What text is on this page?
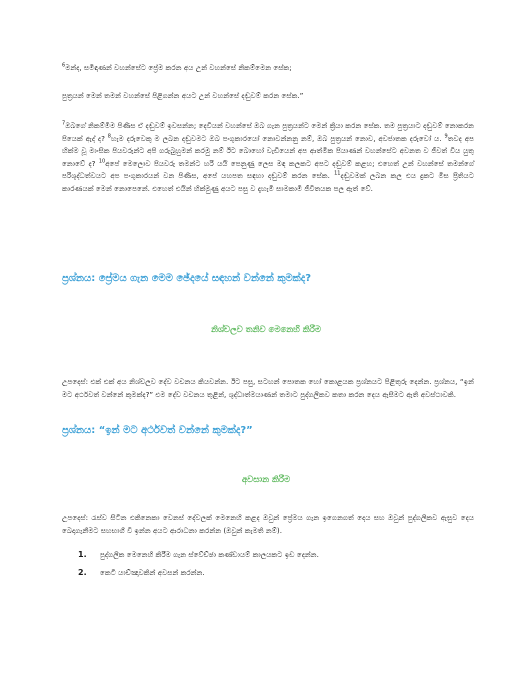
$^6$මන්ද, සමිඳාණන් වහන්සේට ප්‍රේම කරන අය උන් වහන්සේ නිකම්මෙන සේක;

පුත්‍රයන් මෙන් තමන් වහන්සේ පිළිගන්න අයට උන් වහන්සේ දඬුවම් කරන සේක.”

$^7$ඔබගේ නිකම්මීම පිණිස ඒ දඬුවම් ඉවසන්න; දෙවියන් වහන්සේ ඔබ ගැන පුත්‍රයන්ට මෙන් ක්‍රියා කරන සේක. තම පුත්‍රයාට දඬුවම් නොකරන පියෙක් ඇද් ද? $^8$හැම දරුවෙකු ම ලබන දඬුවමට ඔබ පංගුකාරයෝ නොවන්නනු නම්, ඔබ පුත්‍රයන් නොව, අවජාතක දරුවෝ ය. $^9$තවද අප හික්ම වූ මාංසික පියවරුන්ට අපි ගරුබුහුමන් කරමු නම් ඊට බොහෝ වැඩියෙන් අප ආත්මික පියාණන් වහන්සේට අවනත ව ජීවත් විය යුතු නොවේ ද? $^{10}$අපේ මෙලොව පියවරු තමන්ට හරි යයි පෙනුණු ලෙස මඳ කලකට අපට දඬුවම් කළහ; එහෙත් උන් වහන්සේ තමන්ගේ පරිශුද්ධත්වයට අප පංගුකාරයන් වන පිණිස, අපේ යහපත සඳහා දඬුවම් කරන සේක. $^{11}$දඬුවමක් ලබන කල එය දුකට මිස ප්‍රීතියට කාරණයක් මෙන් නොපෙනේ. එහෙත් එයින් හික්මුණු අයට පසු ව දැහැමි සාමකාමී ජීවිතයක පල ඇත් වේ.

ප්‍රශ්නය: ප්‍රේමය ගැන මෙම ඡේදයේ සඳහන් වන්නේ කුමක්ද?

නිශ්චලව තනිව මෙනෙහි කිරීම

උපදෙස්: එක් එක් අය නිශ්චලව දේව වචනය කියවන්න. ඊට පසු, සටහන් පොතක හෝ කොළයක ප්‍රශ්නයට පිළිතුරු දෙන්න. ප්‍රශ්නය, “ඉන් මට අර්ථවත් වන්නේ කුමක්ද?” එම දේව වචනය තුළින්, ශුද්ධාත්මයාණන් තමාට පුද්ගලිකව කතා කරන දෙය ඇසීමට ඇති අවස්ථාවකි.

ප්‍රශ්නය: “ඉන් මට අර්ථවත් වන්නේ කුමක්ද?”

අවසාන කිරීම

උපදෙස්: රැස්ව සිටින එකිනෙකා වෙනස් දේවලක් මෙනෙහි කළද ඔවුන් ප්‍රේමය ගැන ඉගෙනගත් දෙය සහ ඔවුන් පුද්ගලිකව ඇසුව දෙය බෙදාගැනීමට සහභාගී වී ඉන්න අයට ආරාධනා කරන්න (ඔවුන් කැමති නම්).

1.	පුද්ගලික මෙනෙහි කිරීම ගැන ස්වේච්ඡා කණ්ඩායම් කාලයකට ඉඩ දෙන්න.
2.	කෙටි යාච්ඤාවකින් අවසන් කරන්න.
